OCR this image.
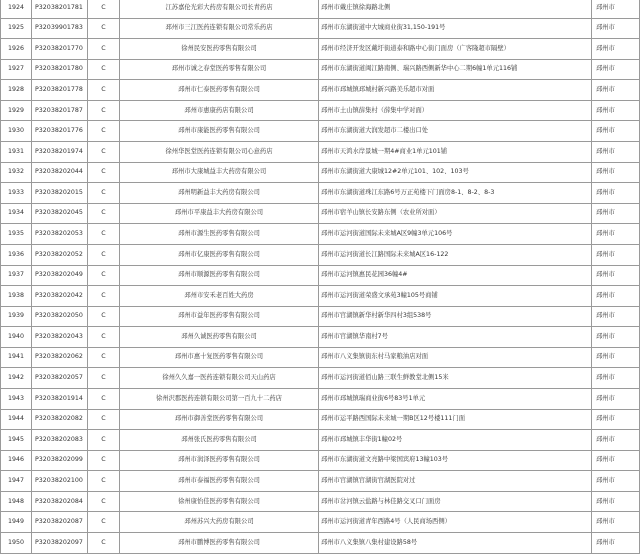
1924	P32038201781	C	江苏嘉伦光彩大药房有限公司长青药店	邳州市戴庄镇徐海路北侧	邳州市
1925	P32039901783	C	邳州市三江医药连锁有限公司常乐药店	邳州市东湖街道中大城商业街31,150-191号	邳州市
1926	P32038201770	C	徐州民安医药零售有限公司	邳州市经济开发区戴圩街道泰和路中心街门面房（广客隆超市隔壁）	邳州市
1927	P32038201780	C	邳州市诚之春堂医药零售有限公司	邳州市东湖街道闽江路南侧、瑞兴路西侧新华中心二期6幢1单元116铺	邳州市
1928	P32038201778	C	邳州市仁泰医药零售有限公司	邳州市邳城镇邳城村新兴路美乐超市对面	邳州市
1929	P32038201787	C	邳州市惠康药店有限公司	邳州市土山镇薛集村（薛集中学对面）	邳州市
1930	P32038201776	C	邳州市康能医药零售有限公司	邳州市东湖街道大润发超市二楼出口处	邳州市
1931	P32038201974	C	徐州华医堂医药连锁有限公司心意药店	邳州市天鸿水岸景城一期4#商业1单元101铺	邳州市
1932	P32038202044	C	邳州市大康城益丰大药房有限公司	邳州市东湖街道大康城12#2单元101、102、103号	邳州市
1933	P32038202015	C	邳州明新益丰大药房有限公司	邳州市东湖街道珠江东路6号万正苑楼下门面房8-1、8-2、8-3	邳州市
1934	P32038202045	C	邳州市平康益丰大药房有限公司	邳州市宿羊山镇长安路东侧（农业所对面）	邳州市
1935	P32038202053	C	邳州市源生医药零售有限公司	邳州市运河街道国际未来城A区9幢3单元106号	邳州市
1936	P32038202052	C	邳州市亿康医药零售有限公司	邳州市运河街道长江路国际未来城A区16-122	邳州市
1937	P32038202049	C	邳州市顺源医药零售有限公司	邳州市运河镇惠民花园36幢4#	邳州市
1938	P32038202042	C	邳州市安禾老百姓大药房	邳州市运河街道荣盛文承苑3幢105号商铺	邳州市
1939	P32038202050	C	邳州市益年医药零售有限公司	邳州市官湖镇新华村新华四村3组538号	邳州市
1940	P32038202043	C	邳州久诚医药零售有限公司	邳州市官湖镇华南村7号	邳州市
1941	P32038202062	C	邳州市惠十复医药零售有限公司	邳州市八义集镇街东村马家粮油店对面	邳州市
1942	P32038202057	C	徐州久久嘉一医药连锁有限公司天山药店	邳州市运河街道佰山路三联生鲜教堂北侧15米	邳州市
1943	P32038201914	C	徐州沢郡医药连锁有限公司第一百九十二药店	邳州市邳城镇瑞商业街6号83号1单元	邳州市
1944	P32038202082	C	邳州市御善堂医药零售有限公司	邳州市运平路西国际未来城一期B区12号楼111门面	邳州市
1945	P32038202083	C	邳州张氏医药零售有限公司	邳州市邳城镇丰华街1幢02号	邳州市
1946	P32038202099	C	邳州市润泽医药零售有限公司	邳州市东湖街道文亮路中梁国宾府13幢103号	邳州市
1947	P32038202100	C	邳州市泰福医药零售有限公司	邳州市官湖镇官湖街官湖医院对过	邳州市
1948	P32038202084	C	徐州康怡佳医药零售有限公司	邳州市岔河镇云盐路与林佳路交叉口门面房	邳州市
1949	P32038202087	C	邳州苏兴大药房有限公司	邳州市运河街道青年西路4号（人民商场西侧）	邳州市
1950	P32038202097	C	邳州市鹏博医药零售有限公司	邳州市八义集镇八集村建设路58号	邳州市
